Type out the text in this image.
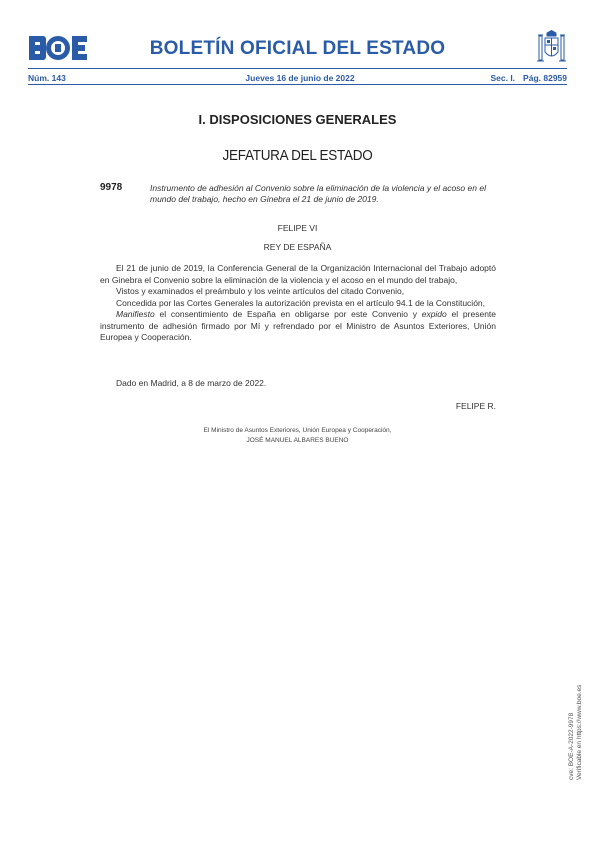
BOLETÍN OFICIAL DEL ESTADO
Núm. 143	Jueves 16 de junio de 2022	Sec. I. Pág. 82959
I. DISPOSICIONES GENERALES
JEFATURA DEL ESTADO
9978	Instrumento de adhesión al Convenio sobre la eliminación de la violencia y el acoso en el mundo del trabajo, hecho en Ginebra el 21 de junio de 2019.
FELIPE VI
REY DE ESPAÑA

El 21 de junio de 2019, la Conferencia General de la Organización Internacional del Trabajo adoptó en Ginebra el Convenio sobre la eliminación de la violencia y el acoso en el mundo del trabajo,

Vistos y examinados el preámbulo y los veinte artículos del citado Convenio,

Concedida por las Cortes Generales la autorización prevista en el artículo 94.1 de la Constitución,

Manifiesto el consentimiento de España en obligarse por este Convenio y expido el presente instrumento de adhesión firmado por Mí y refrendado por el Ministro de Asuntos Exteriores, Unión Europea y Cooperación.

Dado en Madrid, a 8 de marzo de 2022.
FELIPE R.
El Ministro de Asuntos Exteriores, Unión Europea y Cooperación,
JOSÉ MANUEL ALBARES BUENO
cve: BOE-A-2022-9978 Verificable en https://www.boe.es
